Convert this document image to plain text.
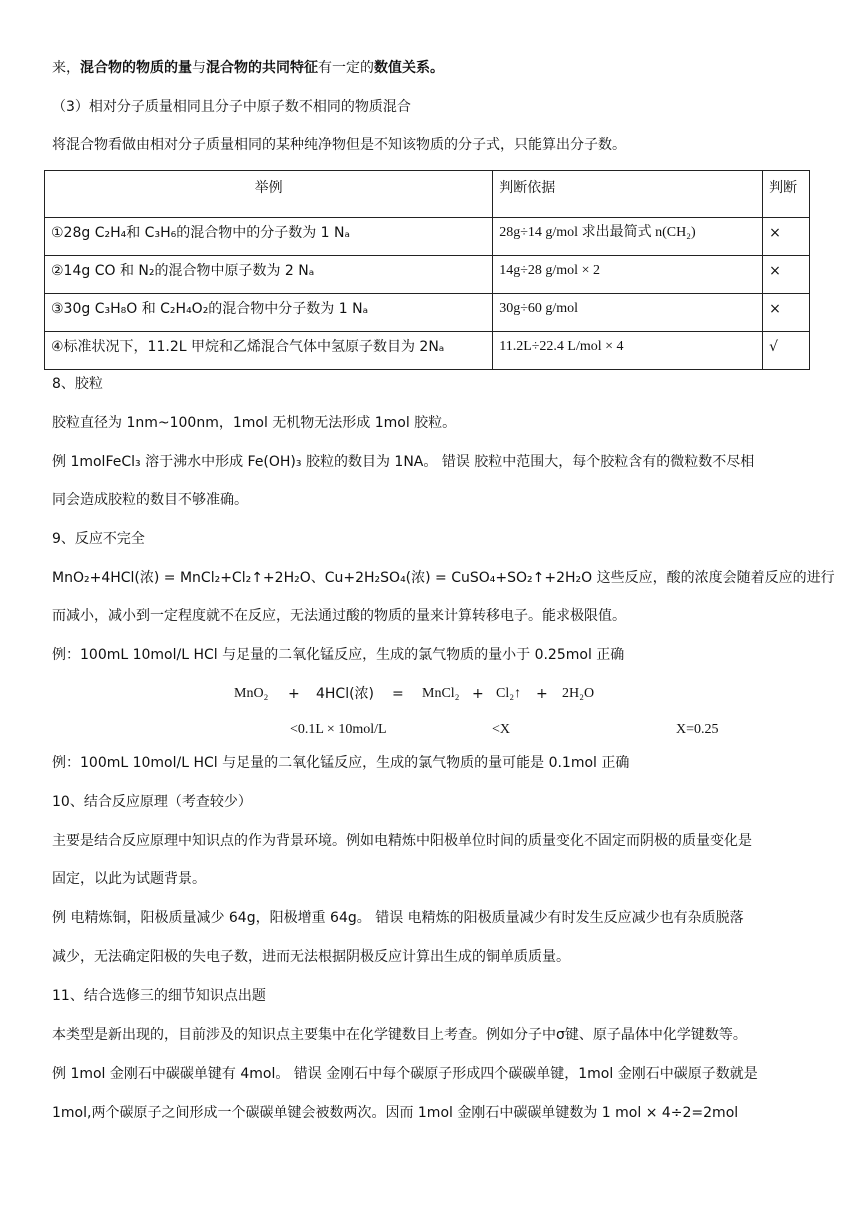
来，混合物的物质的量与混合物的共同特征有一定的数值关系。
（3）相对分子质量相同且分子中原子数不相同的物质混合
将混合物看做由相对分子质量相同的某种纯净物但是不知该物质的分子式，只能算出分子数。
举例	判断依据	判断
①28g C₂H₄和 C₃H₆的混合物中的分子数为 1 Nₐ	28g÷14 g/mol 求出最简式 n(CH₂)	×
②14g CO 和 N₂的混合物中原子数为 2 Nₐ	14g÷28 g/mol × 2	×
③30g C₃H₈O 和 C₂H₄O₂的混合物中分子数为 1 Nₐ	30g÷60 g/mol	×
④标准状况下，11.2L 甲烷和乙烯混合气体中氢原子数目为 2Nₐ	11.2L÷22.4 L/mol × 4	√
8、胶粒
胶粒直径为 1nm~100nm，1mol 无机物无法形成 1mol 胶粒。
例 1molFeCl₃ 溶于沸水中形成 Fe(OH)₃ 胶粒的数目为 1NA。 错误 胶粒中范围大，每个胶粒含有的微粒数不尽相
同会造成胶粒的数目不够准确。
9、反应不完全
MnO₂+4HCl(浓) = MnCl₂+Cl₂↑+2H₂O、Cu+2H₂SO₄(浓) = CuSO₄+SO₂↑+2H₂O 这些反应，酸的浓度会随着反应的进行
而减小，减小到一定程度就不在反应，无法通过酸的物质的量来计算转移电子。能求极限值。
例：100mL 10mol/L HCl 与足量的二氧化锰反应，生成的氯气物质的量小于 0.25mol 正确
MnO₂ + 4HCl(浓) = MnCl₂ + Cl₂↑ + 2H₂O
<0.1L × 10mol/L	<X	X=0.25
例：100mL 10mol/L HCl 与足量的二氧化锰反应，生成的氯气物质的量可能是 0.1mol 正确
10、结合反应原理（考查较少）
主要是结合反应原理中知识点的作为背景环境。例如电精炼中阳极单位时间的质量变化不固定而阴极的质量变化是
固定，以此为试题背景。
例 电精炼铜，阳极质量减少 64g，阳极增重 64g。 错误 电精炼的阳极质量减少有时发生反应减少也有杂质脱落
减少，无法确定阳极的失电子数，进而无法根据阴极反应计算出生成的铜单质质量。
11、结合选修三的细节知识点出题
本类型是新出现的，目前涉及的知识点主要集中在化学键数目上考查。例如分子中σ键、原子晶体中化学键数等。
例 1mol 金刚石中碳碳单键有 4mol。 错误 金刚石中每个碳原子形成四个碳碳单键，1mol 金刚石中碳原子数就是
1mol,两个碳原子之间形成一个碳碳单键会被数两次。因而 1mol 金刚石中碳碳单键数为 1 mol × 4÷2=2mol
